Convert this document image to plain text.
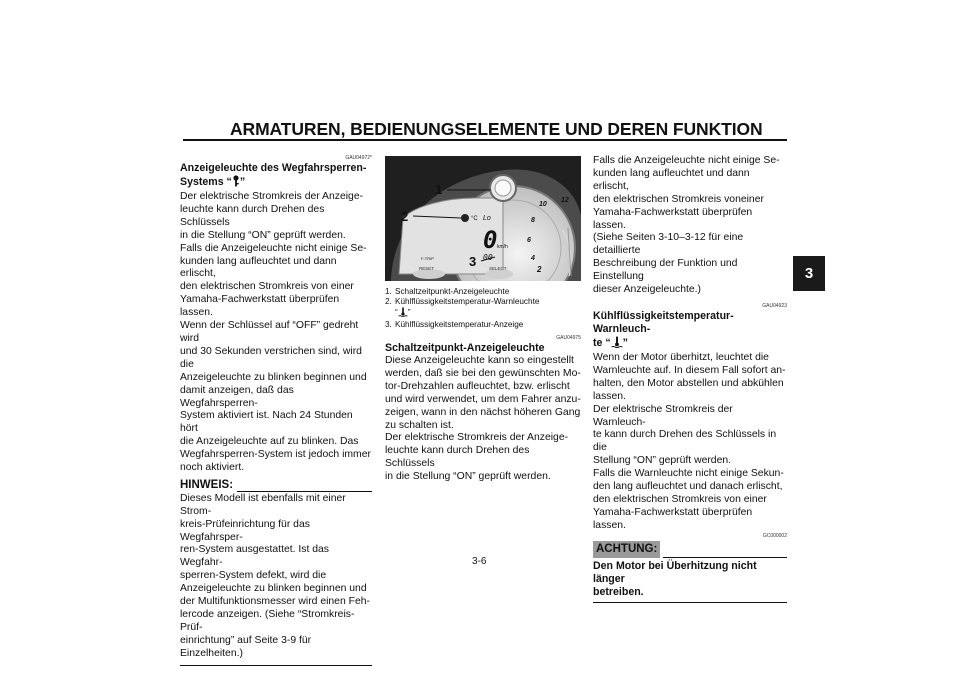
ARMATUREN, BEDIENUNGSELEMENTE UND DEREN FUNKTION
3
GAU04972*
Anzeigeleuchte des Wegfahrsperren-
Systems “ ”
Der elektrische Stromkreis der Anzeige-
leuchte kann durch Drehen des Schlüssels
in die Stellung “ON” geprüft werden.
Falls die Anzeigeleuchte nicht einige Se-
kunden lang aufleuchtet und dann erlischt,
den elektrischen Stromkreis von einer
Yamaha-Fachwerkstatt überprüfen lassen.
Wenn der Schlüssel auf “OFF” gedreht wird
und 30 Sekunden verstrichen sind, wird die
Anzeigeleuchte zu blinken beginnen und
damit anzeigen, daß das Wegfahrsperren-
System aktiviert ist. Nach 24 Stunden hört
die Anzeigeleuchte auf zu blinken. Das
Wegfahrsperren-System ist jedoch immer
noch aktiviert.
HINWEIS:
Dieses Modell ist ebenfalls mit einer Strom-
kreis-Prüfeinrichtung für das Wegfahrsper-
ren-System ausgestattet. Ist das Wegfahr-
sperren-System defekt, wird die
Anzeigeleuchte zu blinken beginnen und
der Multifunktionsmesser wird einen Feh-
lercode anzeigen. (Siehe “Stromkreis-Prüf-
einrichtung” auf Seite 3-9 für Einzelheiten.)
1
2
3
°C Lo
0 km/h
00
F-TRIP
RESET	SELECT	2
4
6
8
10
12
1. Schaltzeitpunkt-Anzeigeleuchte
2. Kühlflüssigkeitstemperatur-Warnleuchte
“ ”
3. Kühlflüssigkeitstemperatur-Anzeige
GAU04975
Schaltzeitpunkt-Anzeigeleuchte
Diese Anzeigeleuchte kann so eingestellt
werden, daß sie bei den gewünschten Mo-
tor-Drehzahlen aufleuchtet, bzw. erlischt
und wird verwendet, um dem Fahrer anzu-
zeigen, wann in den nächst höheren Gang
zu schalten ist.
Der elektrische Stromkreis der Anzeige-
leuchte kann durch Drehen des Schlüssels
in die Stellung “ON” geprüft werden.
Falls die Anzeigeleuchte nicht einige Se-
kunden lang aufleuchtet und dann erlischt,
den elektrischen Stromkreis voneiner
Yamaha-Fachwerkstatt überprüfen lassen.
(Siehe Seiten 3-10–3-12 für eine detaillierte
Beschreibung der Funktion und Einstellung
dieser Anzeigeleuchte.)
GAU04923
Kühlflüssigkeitstemperatur-Warnleuch-
te “ ”
Wenn der Motor überhitzt, leuchtet die
Warnleuchte auf. In diesem Fall sofort an-
halten, den Motor abstellen und abkühlen
lassen.
Der elektrische Stromkreis der Warnleuch-
te kann durch Drehen des Schlüssels in die
Stellung “ON” geprüft werden.
Falls die Warnleuchte nicht einige Sekun-
den lang aufleuchtet und danach erlischt,
den elektrischen Stromkreis von einer
Yamaha-Fachwerkstatt überprüfen lassen.
GC000002
ACHTUNG:
Den Motor bei Überhitzung nicht länger
betreiben.
3-6
